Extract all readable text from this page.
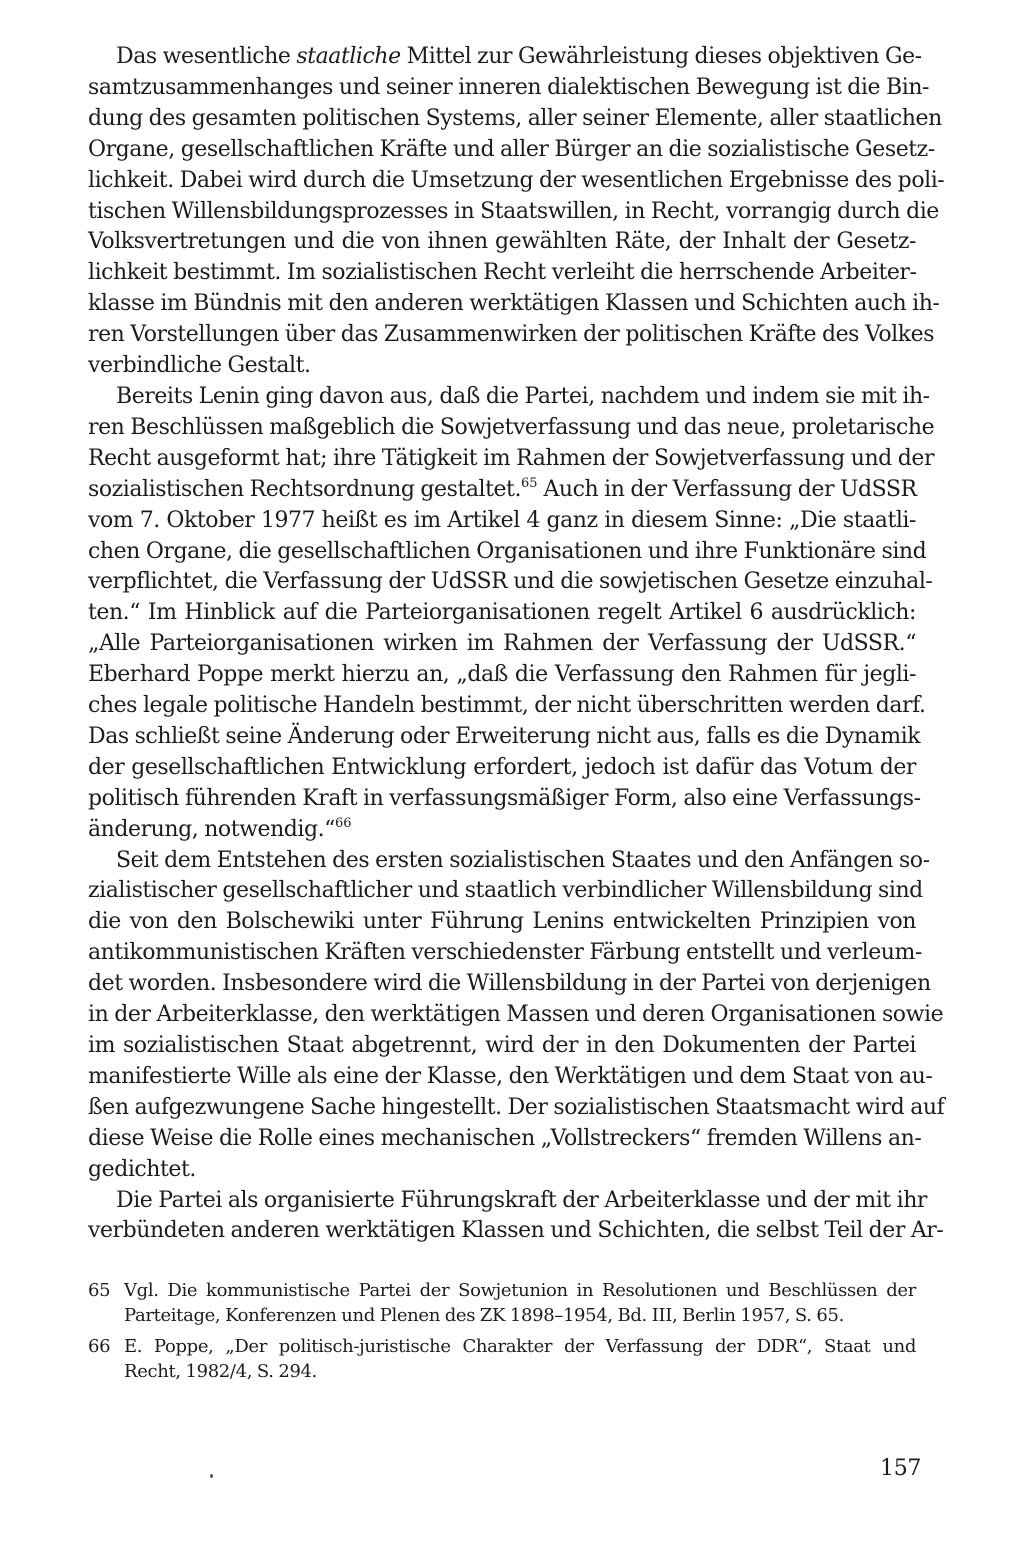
Das wesentliche staatliche Mittel zur Gewährleistung dieses objektiven Ge-
samtzusammenhanges und seiner inneren dialektischen Bewegung ist die Bin-
dung des gesamten politischen Systems, aller seiner Elemente, aller staatlichen
Organe, gesellschaftlichen Kräfte und aller Bürger an die sozialistische Gesetz-
lichkeit. Dabei wird durch die Umsetzung der wesentlichen Ergebnisse des poli-
tischen Willensbildungsprozesses in Staatswillen, in Recht, vorrangig durch die
Volksvertretungen und die von ihnen gewählten Räte, der Inhalt der Gesetz-
lichkeit bestimmt. Im sozialistischen Recht verleiht die herrschende Arbeiter-
klasse im Bündnis mit den anderen werktätigen Klassen und Schichten auch ih-
ren Vorstellungen über das Zusammenwirken der politischen Kräfte des Volkes
verbindliche Gestalt.
Bereits Lenin ging davon aus, daß die Partei, nachdem und indem sie mit ih-
ren Beschlüssen maßgeblich die Sowjetverfassung und das neue, proletarische
Recht ausgeformt hat; ihre Tätigkeit im Rahmen der Sowjetverfassung und der
sozialistischen Rechtsordnung gestaltet.$^{65}$ Auch in der Verfassung der UdSSR
vom 7. Oktober 1977 heißt es im Artikel 4 ganz in diesem Sinne: „Die staatli-
chen Organe, die gesellschaftlichen Organisationen und ihre Funktionäre sind
verpflichtet, die Verfassung der UdSSR und die sowjetischen Gesetze einzuhal-
ten.“ Im Hinblick auf die Parteiorganisationen regelt Artikel 6 ausdrücklich:
„Alle Parteiorganisationen wirken im Rahmen der Verfassung der UdSSR.“
Eberhard Poppe merkt hierzu an, „daß die Verfassung den Rahmen für jegli-
ches legale politische Handeln bestimmt, der nicht überschritten werden darf.
Das schließt seine Änderung oder Erweiterung nicht aus, falls es die Dynamik
der gesellschaftlichen Entwicklung erfordert, jedoch ist dafür das Votum der
politisch führenden Kraft in verfassungsmäßiger Form, also eine Verfassungs-
änderung, notwendig.“$^{66}$
Seit dem Entstehen des ersten sozialistischen Staates und den Anfängen so-
zialistischer gesellschaftlicher und staatlich verbindlicher Willensbildung sind
die von den Bolschewiki unter Führung Lenins entwickelten Prinzipien von
antikommunistischen Kräften verschiedenster Färbung entstellt und verleum-
det worden. Insbesondere wird die Willensbildung in der Partei von derjenigen
in der Arbeiterklasse, den werktätigen Massen und deren Organisationen sowie
im sozialistischen Staat abgetrennt, wird der in den Dokumenten der Partei
manifestierte Wille als eine der Klasse, den Werktätigen und dem Staat von au-
ßen aufgezwungene Sache hingestellt. Der sozialistischen Staatsmacht wird auf
diese Weise die Rolle eines mechanischen „Vollstreckers“ fremden Willens an-
gedichtet.
Die Partei als organisierte Führungskraft der Arbeiterklasse und der mit ihr
verbündeten anderen werktätigen Klassen und Schichten, die selbst Teil der Ar-
65 Vgl. Die kommunistische Partei der Sowjetunion in Resolutionen und Beschlüssen der
Parteitage, Konferenzen und Plenen des ZK 1898–1954, Bd. III, Berlin 1957, S. 65.
66 E. Poppe, „Der politisch-juristische Charakter der Verfassung der DDR“, Staat und
Recht, 1982/4, S. 294.
157
